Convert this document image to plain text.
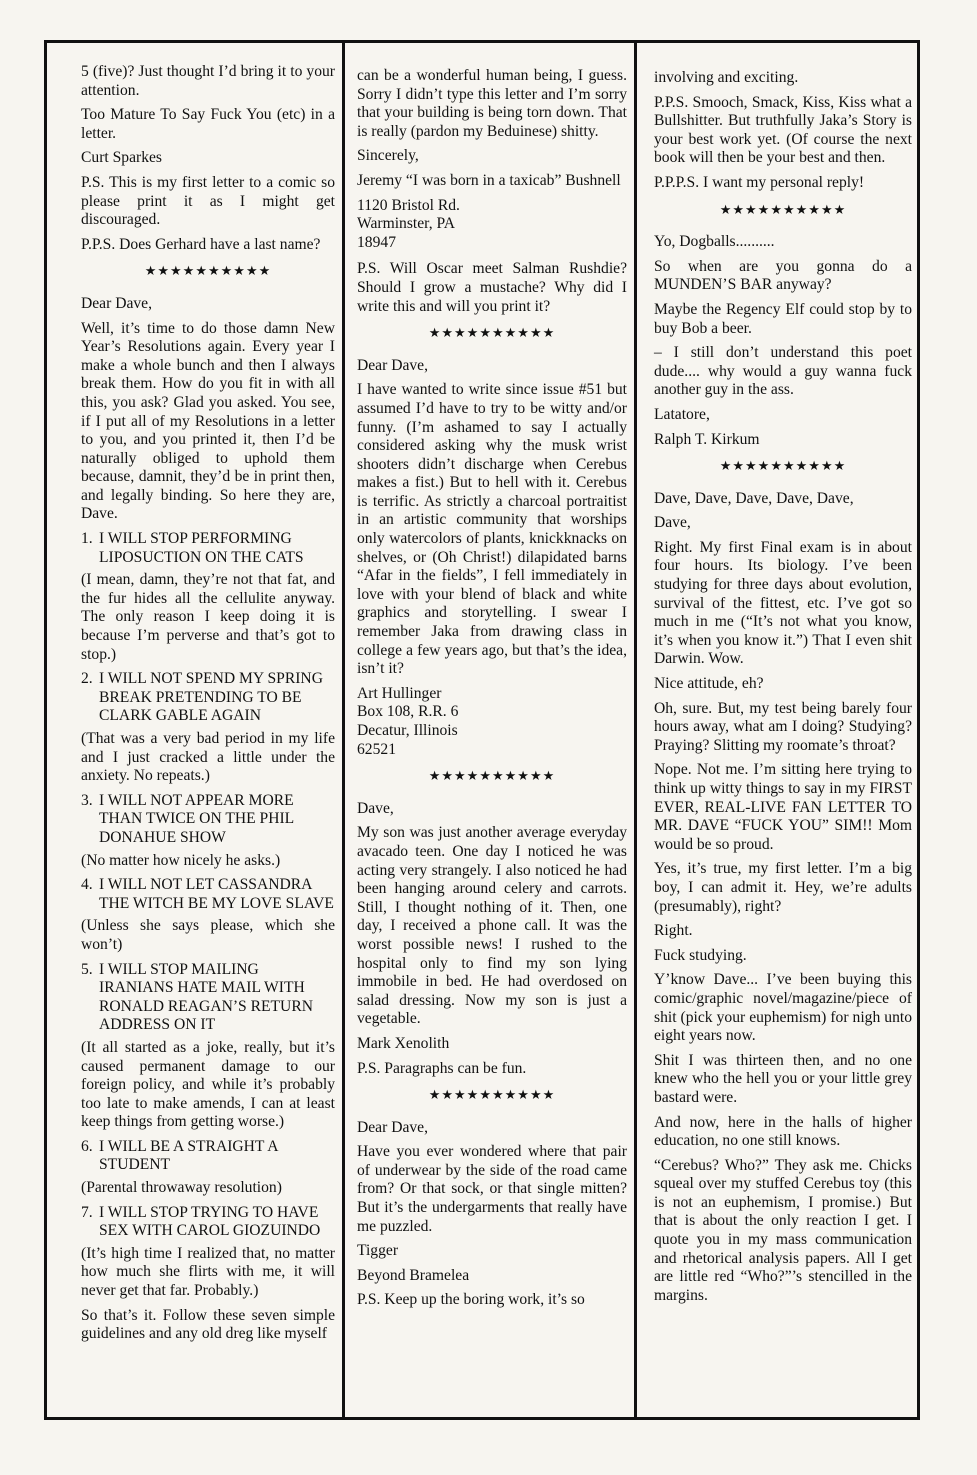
5 (five)? Just thought I’d bring it to your attention.

Too Mature To Say Fuck You (etc) in a letter.

Curt Sparkes

P.S. This is my first letter to a comic so please print it as I might get discouraged.

P.P.S. Does Gerhard have a last name?

★★★★★★★★★★

Dear Dave,

Well, it’s time to do those damn New Year’s Resolutions again. Every year I make a whole bunch and then I always break them. How do you fit in with all this, you ask? Glad you asked. You see, if I put all of my Resolutions in a letter to you, and you printed it, then I’d be naturally obliged to uphold them because, damnit, they’d be in print then, and legally binding. So here they are, Dave.

1. I WILL STOP PERFORMING LIPOSUCTION ON THE CATS

(I mean, damn, they’re not that fat, and the fur hides all the cellulite anyway. The only reason I keep doing it is because I’m perverse and that’s got to stop.)

2. I WILL NOT SPEND MY SPRING BREAK PRETENDING TO BE CLARK GABLE AGAIN

(That was a very bad period in my life and I just cracked a little under the anxiety. No repeats.)

3. I WILL NOT APPEAR MORE THAN TWICE ON THE PHIL DONAHUE SHOW

(No matter how nicely he asks.)

4. I WILL NOT LET CASSANDRA THE WITCH BE MY LOVE SLAVE

(Unless she says please, which she won’t)

5. I WILL STOP MAILING IRANIANS HATE MAIL WITH RONALD REAGAN’S RETURN ADDRESS ON IT

(It all started as a joke, really, but it’s caused permanent damage to our foreign policy, and while it’s probably too late to make amends, I can at least keep things from getting worse.)

6. I WILL BE A STRAIGHT A STUDENT

(Parental throwaway resolution)

7. I WILL STOP TRYING TO HAVE SEX WITH CAROL GIOZUINDO

(It’s high time I realized that, no matter how much she flirts with me, it will never get that far. Probably.)

So that’s it. Follow these seven simple guidelines and any old dreg like myself

can be a wonderful human being, I guess. Sorry I didn’t type this letter and I’m sorry that your building is being torn down. That is really (pardon my Beduinese) shitty.

Sincerely,

Jeremy “I was born in a taxicab” Bushnell

1120 Bristol Rd.

Warminster, PA

18947

P.S. Will Oscar meet Salman Rushdie? Should I grow a mustache? Why did I write this and will you print it?

★★★★★★★★★★

Dear Dave,

I have wanted to write since issue #51 but assumed I’d have to try to be witty and/or funny. (I’m ashamed to say I actually considered asking why the musk wrist shooters didn’t discharge when Cerebus makes a fist.) But to hell with it. Cerebus is terrific. As strictly a charcoal portraitist in an artistic community that worships only watercolors of plants, knickknacks on shelves, or (Oh Christ!) dilapidated barns “Afar in the fields”, I fell immediately in love with your blend of black and white graphics and storytelling. I swear I remember Jaka from drawing class in college a few years ago, but that’s the idea, isn’t it?

Art Hullinger

Box 108, R.R. 6

Decatur, Illinois

62521

★★★★★★★★★★

Dave,

My son was just another average everyday avacado teen. One day I noticed he was acting very strangely. I also noticed he had been hanging around celery and carrots. Still, I thought nothing of it. Then, one day, I received a phone call. It was the worst possible news! I rushed to the hospital only to find my son lying immobile in bed. He had overdosed on salad dressing. Now my son is just a vegetable.

Mark Xenolith

P.S. Paragraphs can be fun.

★★★★★★★★★★

Dear Dave,

Have you ever wondered where that pair of underwear by the side of the road came from? Or that sock, or that single mitten? But it’s the undergarments that really have me puzzled.

Tigger

Beyond Bramelea

P.S. Keep up the boring work, it’s so

involving and exciting.

P.P.S. Smooch, Smack, Kiss, Kiss what a Bullshitter. But truthfully Jaka’s Story is your best work yet. (Of course the next book will then be your best and then.

P.P.P.S. I want my personal reply!

★★★★★★★★★★

Yo, Dogballs..........

So when are you gonna do a MUNDEN’S BAR anyway?

Maybe the Regency Elf could stop by to buy Bob a beer.

– I still don’t understand this poet dude.... why would a guy wanna fuck another guy in the ass.

Latatore,

Ralph T. Kirkum

★★★★★★★★★★

Dave, Dave, Dave, Dave, Dave,

Dave,

Right. My first Final exam is in about four hours. Its biology. I’ve been studying for three days about evolution, survival of the fittest, etc. I’ve got so much in me (“It’s not what you know, it’s when you know it.”) That I even shit Darwin. Wow.

Nice attitude, eh?

Oh, sure. But, my test being barely four hours away, what am I doing? Studying? Praying? Slitting my roomate’s throat?

Nope. Not me. I’m sitting here trying to think up witty things to say in my FIRST EVER, REAL-LIVE FAN LETTER TO MR. DAVE “FUCK YOU” SIM!! Mom would be so proud.

Yes, it’s true, my first letter. I’m a big boy, I can admit it. Hey, we’re adults (presumably), right?

Right.

Fuck studying.

Y’know Dave... I’ve been buying this comic/graphic novel/magazine/piece of shit (pick your euphemism) for nigh unto eight years now.

Shit I was thirteen then, and no one knew who the hell you or your little grey bastard were.

And now, here in the halls of higher education, no one still knows.

“Cerebus? Who?” They ask me. Chicks squeal over my stuffed Cerebus toy (this is not an euphemism, I promise.) But that is about the only reaction I get. I quote you in my mass communication and rhetorical analysis papers. All I get are little red “Who?”’s stencilled in the margins.
